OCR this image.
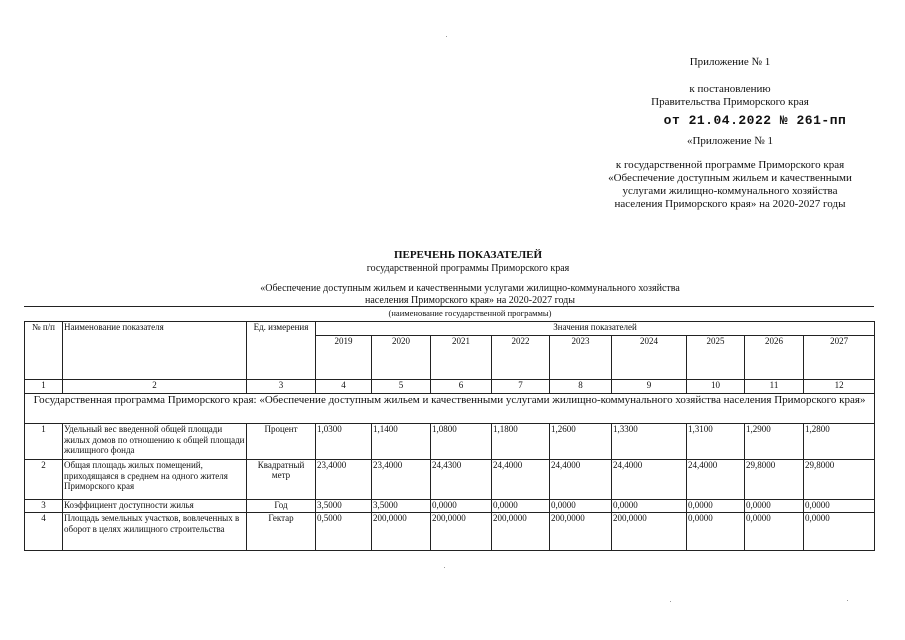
Приложение № 1
к постановлению
Правительства Приморского края
от 21.04.2022 № 261-пп
«Приложение № 1
к государственной программе Приморского края
«Обеспечение доступным жильем и качественными
услугами жилищно-коммунального хозяйства
населения Приморского края» на 2020-2027 годы
ПЕРЕЧЕНЬ ПОКАЗАТЕЛЕЙ
государственной программы Приморского края
«Обеспечение доступным жильем и качественными услугами жилищно-коммунального хозяйства
населения Приморского края» на 2020-2027 годы
(наименование государственной программы)
№ п/п	Наименование показателя	Ед. измерения	Значения показателей								
			2019	2020	2021	2022	2023	2024	2025	2026	2027
1	2	3	4	5	6	7	8	9	10	11	12
Государственная программа Приморского края: «Обеспечение доступным жильем и качественными услугами жилищно-коммунального хозяйства населения Приморского края»											
1	Удельный вес введенной общей площади жилых домов по отношению к общей площади жилищного фонда	Процент	1,0300	1,1400	1,0800	1,1800	1,2600	1,3300	1,3100	1,2900	1,2800
2	Общая площадь жилых помещений, приходящаяся в среднем на одного жителя Приморского края	Квадратный метр	23,4000	23,4000	24,4300	24,4000	24,4000	24,4000	24,4000	29,8000	29,8000
3	Коэффициент доступности жилья	Год	3,5000	3,5000	0,0000	0,0000	0,0000	0,0000	0,0000	0,0000	0,0000
4	Площадь земельных участков, вовлеченных в оборот в целях жилищного строительства	Гектар	0,5000	200,0000	200,0000	200,0000	200,0000	200,0000	0,0000	0,0000	0,0000
